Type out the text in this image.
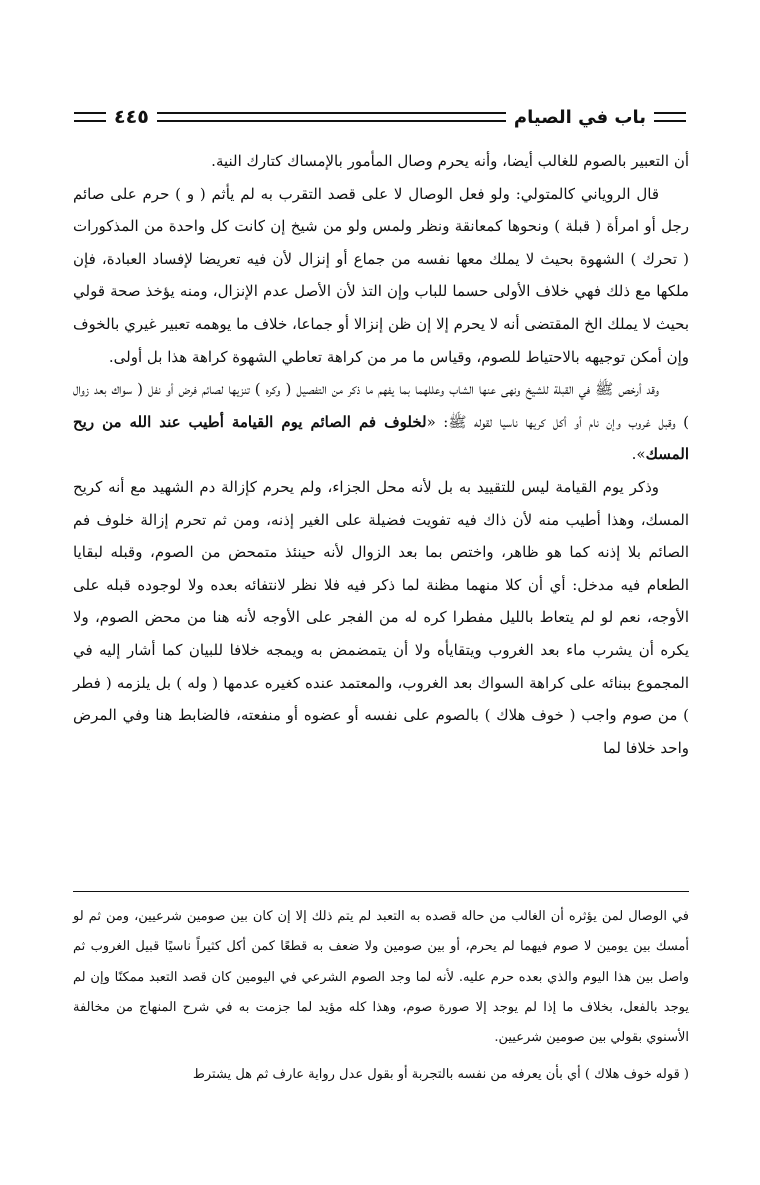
٤٤٥	باب في الصيام

أن التعبير بالصوم للغالب أيضا، وأنه يحرم وصال المأمور بالإمساك كتارك النية.

قال الروياني كالمتولي: ولو فعل الوصال لا على قصد التقرب به لم يأثم ( و ) حرم على صائم رجل أو امرأة ( قبلة ) ونحوها كمعانقة ونظر ولمس ولو من شيخ إن كانت كل واحدة من المذكورات ( تحرك ) الشهوة بحيث لا يملك معها نفسه من جماع أو إنزال لأن فيه تعريضا لإفساد العبادة، فإن ملكها مع ذلك فهي خلاف الأولى حسما للباب وإن التذ لأن الأصل عدم الإنزال، ومنه يؤخذ صحة قولي بحيث لا يملك الخ المقتضى أنه لا يحرم إلا إن ظن إنزالا أو جماعا، خلاف ما يوهمه تعبير غيري بالخوف وإن أمكن توجيهه بالاحتياط للصوم، وقياس ما مر من كراهة تعاطي الشهوة كراهة هذا بل أولى.

وقد أرخص ﷺ في القبلة للشيخ ونهى عنها الشاب وعللهما بما يفهم ما ذكر من التفصيل ( وكره ) تنزيها لصائم فرض أو نفل ( سواك بعد زوال ) وقبل غروب وإن نام أو أكل كريها ناسيا لقوله ﷺ: «لخلوف فم الصائم يوم القيامة أطيب عند الله من ريح المسك».

وذكر يوم القيامة ليس للتقييد به بل لأنه محل الجزاء، ولم يحرم كإزالة دم الشهيد مع أنه كريح المسك، وهذا أطيب منه لأن ذاك فيه تفويت فضيلة على الغير إذنه، ومن ثم تحرم إزالة خلوف فم الصائم بلا إذنه كما هو ظاهر، واختص بما بعد الزوال لأنه حينئذ متمحض من الصوم، وقبله لبقايا الطعام فيه مدخل: أي أن كلا منهما مظنة لما ذكر فيه فلا نظر لانتفائه بعده ولا لوجوده قبله على الأوجه، نعم لو لم يتعاط بالليل مفطرا كره له من الفجر على الأوجه لأنه هنا من محض الصوم، ولا يكره أن يشرب ماء بعد الغروب ويتقايأه ولا أن يتمضمض به ويمجه خلافا للبيان كما أشار إليه في المجموع ببنائه على كراهة السواك بعد الغروب، والمعتمد عنده كغيره عدمها ( وله ) بل يلزمه ( فطر ) من صوم واجب ( خوف هلاك ) بالصوم على نفسه أو عضوه أو منفعته، فالضابط هنا وفي المرض واحد خلافا لما

في الوصال لمن يؤثره أن الغالب من حاله قصده به التعبد لم يتم ذلك إلا إن كان بين صومين شرعيين، ومن ثم لو أمسك بين يومين لا صوم فيهما لم يحرم، أو بين صومين ولا ضعف به قطعًا كمن أكل كثيراً ناسيًا قبيل الغروب ثم واصل بين هذا اليوم والذي بعده حرم عليه. لأنه لما وجد الصوم الشرعي في اليومين كان قصد التعبد ممكنًا وإن لم يوجد بالفعل، بخلاف ما إذا لم يوجد إلا صورة صوم، وهذا كله مؤيد لما جزمت به في شرح المنهاج من مخالفة الأسنوي بقولي بين صومين شرعيين.

( قوله خوف هلاك ) أي بأن يعرفه من نفسه بالتجربة أو بقول عدل رواية عارف ثم هل يشترط
